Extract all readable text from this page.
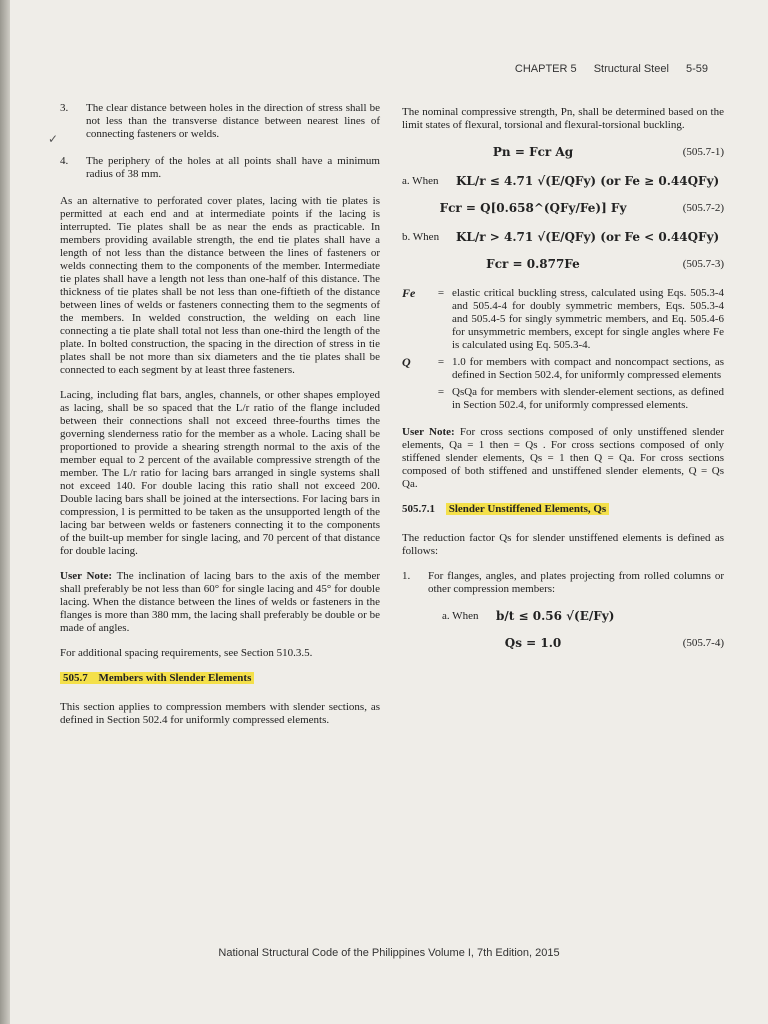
CHAPTER 5 Structural Steel 5-59
✓
3.	The clear distance between holes in the direction of stress shall be not less than the transverse distance between nearest lines of connecting fasteners or welds.
4.	The periphery of the holes at all points shall have a minimum radius of 38 mm.

As an alternative to perforated cover plates, lacing with tie plates is permitted at each end and at intermediate points if the lacing is interrupted. Tie plates shall be as near the ends as practicable. In members providing available strength, the end tie plates shall have a length of not less than the distance between the lines of fasteners or welds connecting them to the components of the member. Intermediate tie plates shall have a length not less than one-half of this distance. The thickness of tie plates shall be not less than one-fiftieth of the distance between lines of welds or fasteners connecting them to the segments of the members. In welded construction, the welding on each line connecting a tie plate shall total not less than one-third the length of the plate. In bolted construction, the spacing in the direction of stress in tie plates shall be not more than six diameters and the tie plates shall be connected to each segment by at least three fasteners.

Lacing, including flat bars, angles, channels, or other shapes employed as lacing, shall be so spaced that the L/r ratio of the flange included between their connections shall not exceed three-fourths times the governing slenderness ratio for the member as a whole. Lacing shall be proportioned to provide a shearing strength normal to the axis of the member equal to 2 percent of the available compressive strength of the member. The L/r ratio for lacing bars arranged in single systems shall not exceed 140. For double lacing this ratio shall not exceed 200. Double lacing bars shall be joined at the intersections. For lacing bars in compression, l is permitted to be taken as the unsupported length of the lacing bar between welds or fasteners connecting it to the components of the built-up member for single lacing, and 70 percent of that distance for double lacing.

User Note: The inclination of lacing bars to the axis of the member shall preferably be not less than 60° for single lacing and 45° for double lacing. When the distance between the lines of welds or fasteners in the flanges is more than 380 mm, the lacing shall preferably be double or be made of angles.

For additional spacing requirements, see Section 510.3.5.

505.7 Members with Slender Elements

This section applies to compression members with slender sections, as defined in Section 502.4 for uniformly compressed elements.

The nominal compressive strength, Pn, shall be determined based on the limit states of flexural, torsional and flexural-torsional buckling.

Pn = Fcr Ag	(505.7-1)
a. When	KL/r ≤ 4.71 √(E/QFy) (or Fe ≥ 0.44QFy)
Fcr = Q[0.658^(QFy/Fe)] Fy	(505.7-2)
b. When	KL/r > 4.71 √(E/QFy) (or Fe < 0.44QFy)
Fcr = 0.877Fe	(505.7-3)
Fe	= elastic critical buckling stress, calculated using Eqs. 505.3-4 and 505.4-4 for doubly symmetric members, Eqs. 505.3-4 and 505.4-5 for singly symmetric members, and Eq. 505.4-6 for unsymmetric members, except for single angles where Fe is calculated using Eq. 505.3-4.
Q	= 1.0 for members with compact and noncompact sections, as defined in Section 502.4, for uniformly compressed elements
= QsQa for members with slender-element sections, as defined in Section 502.4, for uniformly compressed elements.

User Note: For cross sections composed of only unstiffened slender elements, Qa = 1 then = Qs . For cross sections composed of only stiffened slender elements, Qs = 1 then Q = Qa. For cross sections composed of both stiffened and unstiffened slender elements, Q = Qs Qa.

505.7.1 Slender Unstiffened Elements, Qs

The reduction factor Qs for slender unstiffened elements is defined as follows:

1.	For flanges, angles, and plates projecting from rolled columns or other compression members:
a. When	b/t ≤ 0.56 √(E/Fy)
Qs = 1.0	(505.7-4)
National Structural Code of the Philippines Volume I, 7th Edition, 2015
